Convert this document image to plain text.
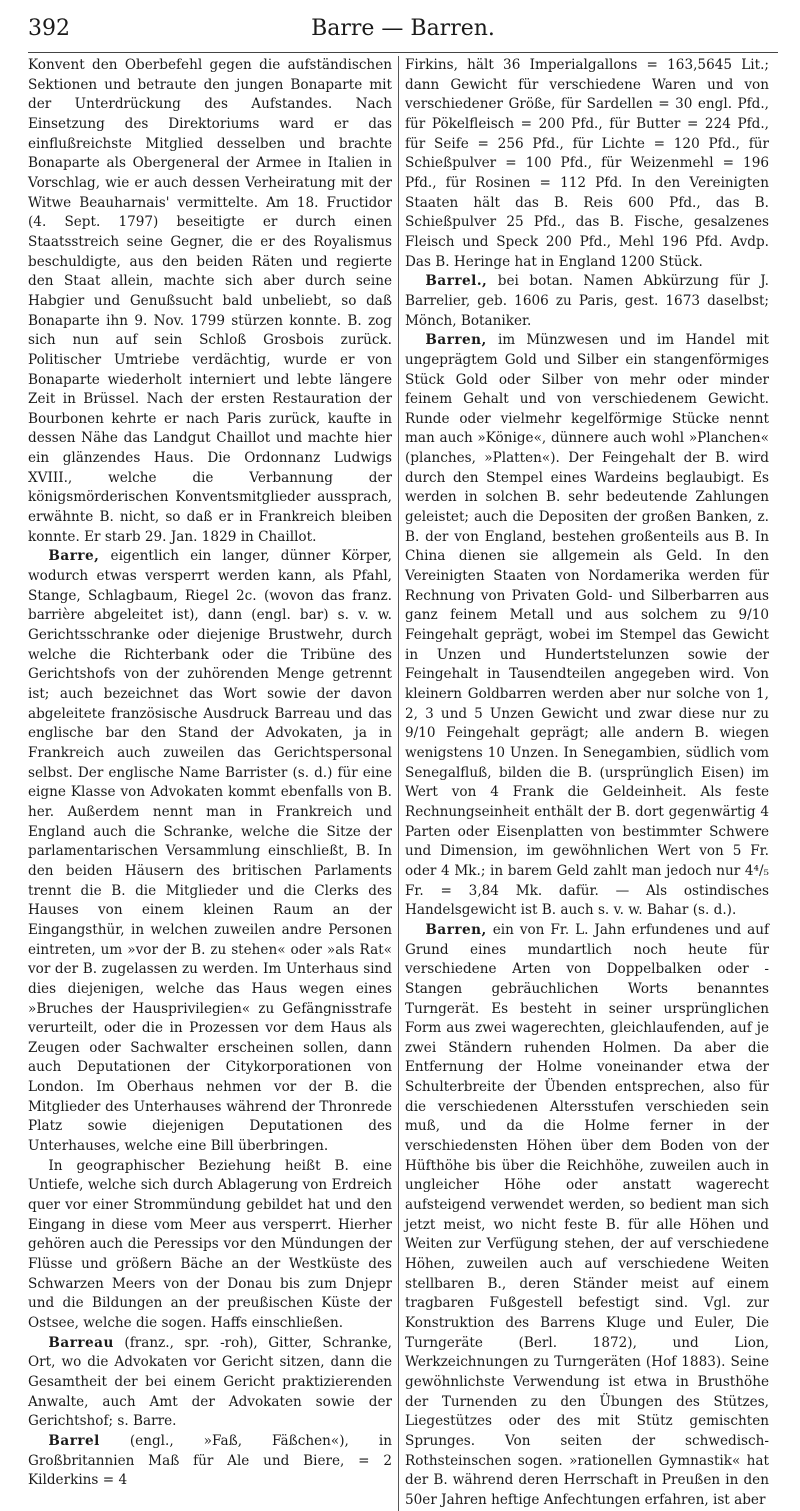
392	Barre — Barren.

Konvent den Oberbefehl gegen die aufständischen Sektionen und betraute den jungen Bonaparte mit der Unterdrückung des Aufstandes. Nach Einsetzung des Direktoriums ward er das einflußreichste Mitglied desselben und brachte Bonaparte als Obergeneral der Armee in Italien in Vorschlag, wie er auch dessen Verheiratung mit der Witwe Beauharnais' vermittelte. Am 18. Fructidor (4. Sept. 1797) beseitigte er durch einen Staatsstreich seine Gegner, die er des Royalismus beschuldigte, aus den beiden Räten und regierte den Staat allein, machte sich aber durch seine Habgier und Genußsucht bald unbeliebt, so daß Bonaparte ihn 9. Nov. 1799 stürzen konnte. B. zog sich nun auf sein Schloß Grosbois zurück. Politischer Umtriebe verdächtig, wurde er von Bonaparte wiederholt interniert und lebte längere Zeit in Brüssel. Nach der ersten Restauration der Bourbonen kehrte er nach Paris zurück, kaufte in dessen Nähe das Landgut Chaillot und machte hier ein glänzendes Haus. Die Ordonnanz Ludwigs XVIII., welche die Verbannung der königsmörderischen Konventsmitglieder aussprach, erwähnte B. nicht, so daß er in Frankreich bleiben konnte. Er starb 29. Jan. 1829 in Chaillot.

Barre, eigentlich ein langer, dünner Körper, wodurch etwas versperrt werden kann, als Pfahl, Stange, Schlagbaum, Riegel 2c. (wovon das franz. barrière abgeleitet ist), dann (engl. bar) s. v. w. Gerichtsschranke oder diejenige Brustwehr, durch welche die Richterbank oder die Tribüne des Gerichtshofs von der zuhörenden Menge getrennt ist; auch bezeichnet das Wort sowie der davon abgeleitete französische Ausdruck Barreau und das englische bar den Stand der Advokaten, ja in Frankreich auch zuweilen das Gerichtspersonal selbst. Der englische Name Barrister (s. d.) für eine eigne Klasse von Advokaten kommt ebenfalls von B. her. Außerdem nennt man in Frankreich und England auch die Schranke, welche die Sitze der parlamentarischen Versammlung einschließt, B. In den beiden Häusern des britischen Parlaments trennt die B. die Mitglieder und die Clerks des Hauses von einem kleinen Raum an der Eingangsthür, in welchen zuweilen andre Personen eintreten, um »vor der B. zu stehen« oder »als Rat« vor der B. zugelassen zu werden. Im Unterhaus sind dies diejenigen, welche das Haus wegen eines »Bruches der Hausprivilegien« zu Gefängnisstrafe verurteilt, oder die in Prozessen vor dem Haus als Zeugen oder Sachwalter erscheinen sollen, dann auch Deputationen der Citykorporationen von London. Im Oberhaus nehmen vor der B. die Mitglieder des Unterhauses während der Thronrede Platz sowie diejenigen Deputationen des Unterhauses, welche eine Bill überbringen.

In geographischer Beziehung heißt B. eine Untiefe, welche sich durch Ablagerung von Erdreich quer vor einer Strommündung gebildet hat und den Eingang in diese vom Meer aus versperrt. Hierher gehören auch die Peressips vor den Mündungen der Flüsse und größern Bäche an der Westküste des Schwarzen Meers von der Donau bis zum Dnjepr und die Bildungen an der preußischen Küste der Ostsee, welche die sogen. Haffs einschließen.

Barreau (franz., spr. -roh), Gitter, Schranke, Ort, wo die Advokaten vor Gericht sitzen, dann die Gesamtheit der bei einem Gericht praktizierenden Anwalte, auch Amt der Advokaten sowie der Gerichtshof; s. Barre.

Barrel (engl., »Faß, Fäßchen«), in Großbritannien Maß für Ale und Biere, = 2 Kilderkins = 4

Firkins, hält 36 Imperialgallons = 163,5645 Lit.; dann Gewicht für verschiedene Waren und von verschiedener Größe, für Sardellen = 30 engl. Pfd., für Pökelfleisch = 200 Pfd., für Butter = 224 Pfd., für Seife = 256 Pfd., für Lichte = 120 Pfd., für Schießpulver = 100 Pfd., für Weizenmehl = 196 Pfd., für Rosinen = 112 Pfd. In den Vereinigten Staaten hält das B. Reis 600 Pfd., das B. Schießpulver 25 Pfd., das B. Fische, gesalzenes Fleisch und Speck 200 Pfd., Mehl 196 Pfd. Avdp. Das B. Heringe hat in England 1200 Stück.

Barrel., bei botan. Namen Abkürzung für J. Barrelier, geb. 1606 zu Paris, gest. 1673 daselbst; Mönch, Botaniker.

Barren, im Münzwesen und im Handel mit ungeprägtem Gold und Silber ein stangenförmiges Stück Gold oder Silber von mehr oder minder feinem Gehalt und von verschiedenem Gewicht. Runde oder vielmehr kegelförmige Stücke nennt man auch »Könige«, dünnere auch wohl »Planchen« (planches, »Platten«). Der Feingehalt der B. wird durch den Stempel eines Wardeins beglaubigt. Es werden in solchen B. sehr bedeutende Zahlungen geleistet; auch die Depositen der großen Banken, z. B. der von England, bestehen großenteils aus B. In China dienen sie allgemein als Geld. In den Vereinigten Staaten von Nordamerika werden für Rechnung von Privaten Gold- und Silberbarren aus ganz feinem Metall und aus solchem zu 9/10 Feingehalt geprägt, wobei im Stempel das Gewicht in Unzen und Hundertstelunzen sowie der Feingehalt in Tausendteilen angegeben wird. Von kleinern Goldbarren werden aber nur solche von 1, 2, 3 und 5 Unzen Gewicht und zwar diese nur zu 9/10 Feingehalt geprägt; alle andern B. wiegen wenigstens 10 Unzen. In Senegambien, südlich vom Senegalfluß, bilden die B. (ursprünglich Eisen) im Wert von 4 Frank die Geldeinheit. Als feste Rechnungseinheit enthält der B. dort gegenwärtig 4 Parten oder Eisenplatten von bestimmter Schwere und Dimension, im gewöhnlichen Wert von 5 Fr. oder 4 Mk.; in barem Geld zahlt man jedoch nur 4⁴/₅ Fr. = 3,84 Mk. dafür. — Als ostindisches Handelsgewicht ist B. auch s. v. w. Bahar (s. d.).

Barren, ein von Fr. L. Jahn erfundenes und auf Grund eines mundartlich noch heute für verschiedene Arten von Doppelbalken oder -Stangen gebräuchlichen Worts benanntes Turngerät. Es besteht in seiner ursprünglichen Form aus zwei wagerechten, gleichlaufenden, auf je zwei Ständern ruhenden Holmen. Da aber die Entfernung der Holme voneinander etwa der Schulterbreite der Übenden entsprechen, also für die verschiedenen Altersstufen verschieden sein muß, und da die Holme ferner in der verschiedensten Höhen über dem Boden von der Hüfthöhe bis über die Reichhöhe, zuweilen auch in ungleicher Höhe oder anstatt wagerecht aufsteigend verwendet werden, so bedient man sich jetzt meist, wo nicht feste B. für alle Höhen und Weiten zur Verfügung stehen, der auf verschiedene Höhen, zuweilen auch auf verschiedene Weiten stellbaren B., deren Ständer meist auf einem tragbaren Fußgestell befestigt sind. Vgl. zur Konstruktion des Barrens Kluge und Euler, Die Turngeräte (Berl. 1872), und Lion, Werkzeichnungen zu Turngeräten (Hof 1883). Seine gewöhnlichste Verwendung ist etwa in Brusthöhe der Turnenden zu den Übungen des Stützes, Liegestützes oder des mit Stütz gemischten Sprunges. Von seiten der schwedisch-Rothsteinschen sogen. »rationellen Gymnastik« hat der B. während deren Herrschaft in Preußen in den 50er Jahren heftige Anfechtungen erfahren, ist aber
